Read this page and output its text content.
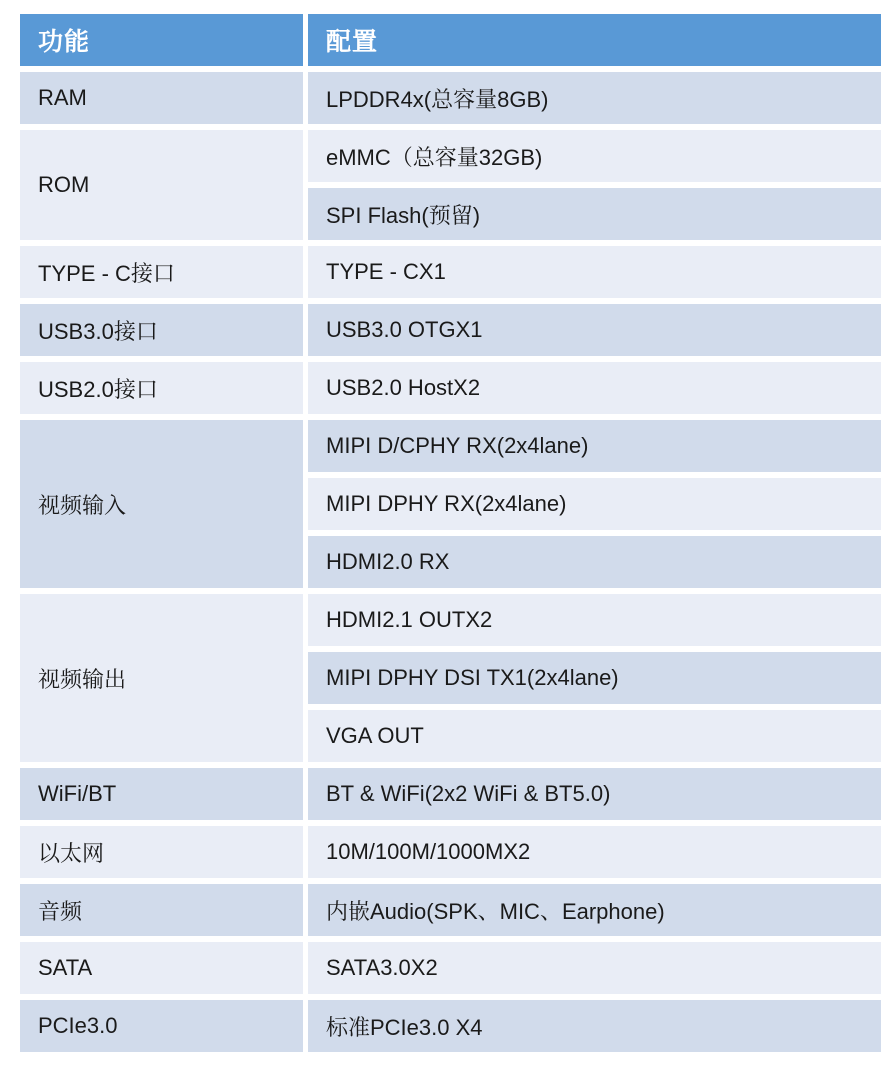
功能	配置
RAM	LPDDR4x(总容量8GB)
ROM	eMMC（总容量32GB)
	SPI Flash(预留)
TYPE - C接口	TYPE - CX1
USB3.0接口	USB3.0 OTGX1
USB2.0接口	USB2.0 HostX2
视频输入	MIPI D/CPHY RX(2x4lane)
	MIPI DPHY RX(2x4lane)
	HDMI2.0 RX
视频输出	HDMI2.1 OUTX2
	MIPI DPHY DSI TX1(2x4lane)
	VGA OUT
WiFi/BT	BT & WiFi(2x2 WiFi & BT5.0)
以太网	10M/100M/1000MX2
音频	内嵌Audio(SPK、MIC、Earphone)
SATA	SATA3.0X2
PCIe3.0	标准PCIe3.0 X4
